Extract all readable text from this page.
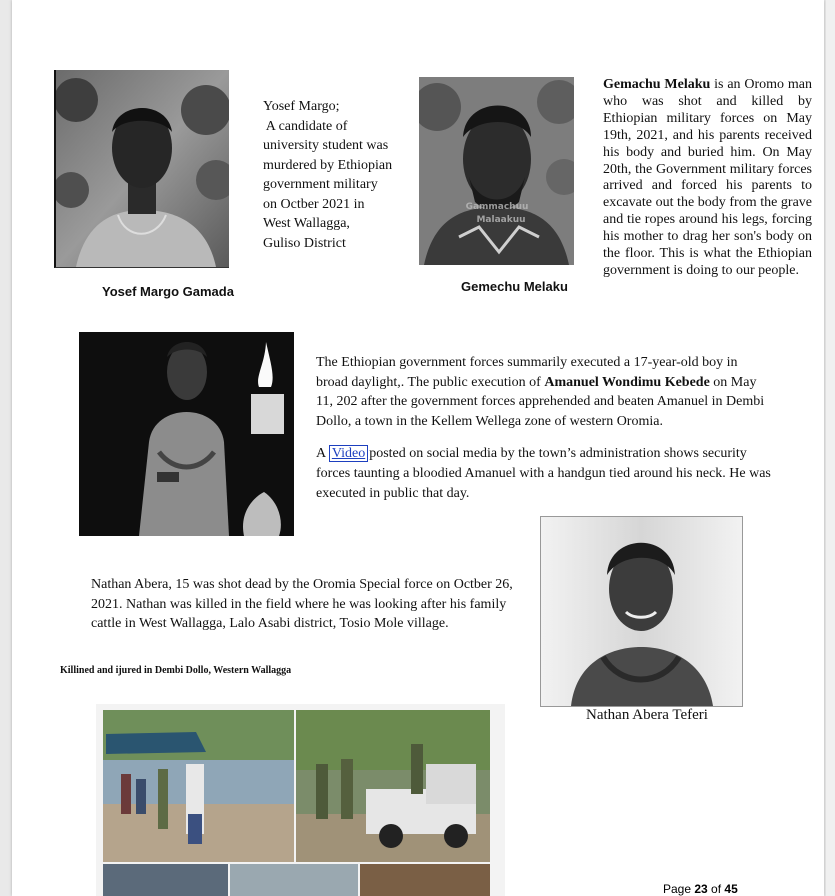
Yosef Margo;
A candidate of
university student was
murdered by Ethiopian
government military
on Octber 2021 in
West Wallagga,
Guliso District
Yosef Margo Gamada
Gammachuu
Malaakuu
Gemechu Melaku
Gemachu Melaku is an Oromo man who was shot and killed by Ethiopian military forces on May 19th, 2021, and his parents received his body and buried him. On May 20th, the Government military forces arrived and forced his parents to excavate out the body from the grave and tie ropes around his legs, forcing his mother to drag her son's body on the floor. This is what the Ethiopian government is doing to our people.
The Ethiopian government forces summarily executed a 17-year-old boy in broad daylight,. The public execution of Amanuel Wondimu Kebede on May 11, 202 after the government forces apprehended and beaten Amanuel in Dembi Dollo, a town in the Kellem Wellega zone of western Oromia.
A Video posted on social media by the town’s administration shows security forces taunting a bloodied Amanuel with a handgun tied around his neck. He was executed in public that day.
Nathan Abera, 15 was shot dead by the Oromia Special force on Octber 26, 2021. Nathan was killed in the field where he was looking after his family cattle in West Wallagga, Lalo Asabi district, Tosio Mole village.
Nathan Abera Teferi
Killined and ijured in Dembi Dollo, Western Wallagga
Page 23 of 45
